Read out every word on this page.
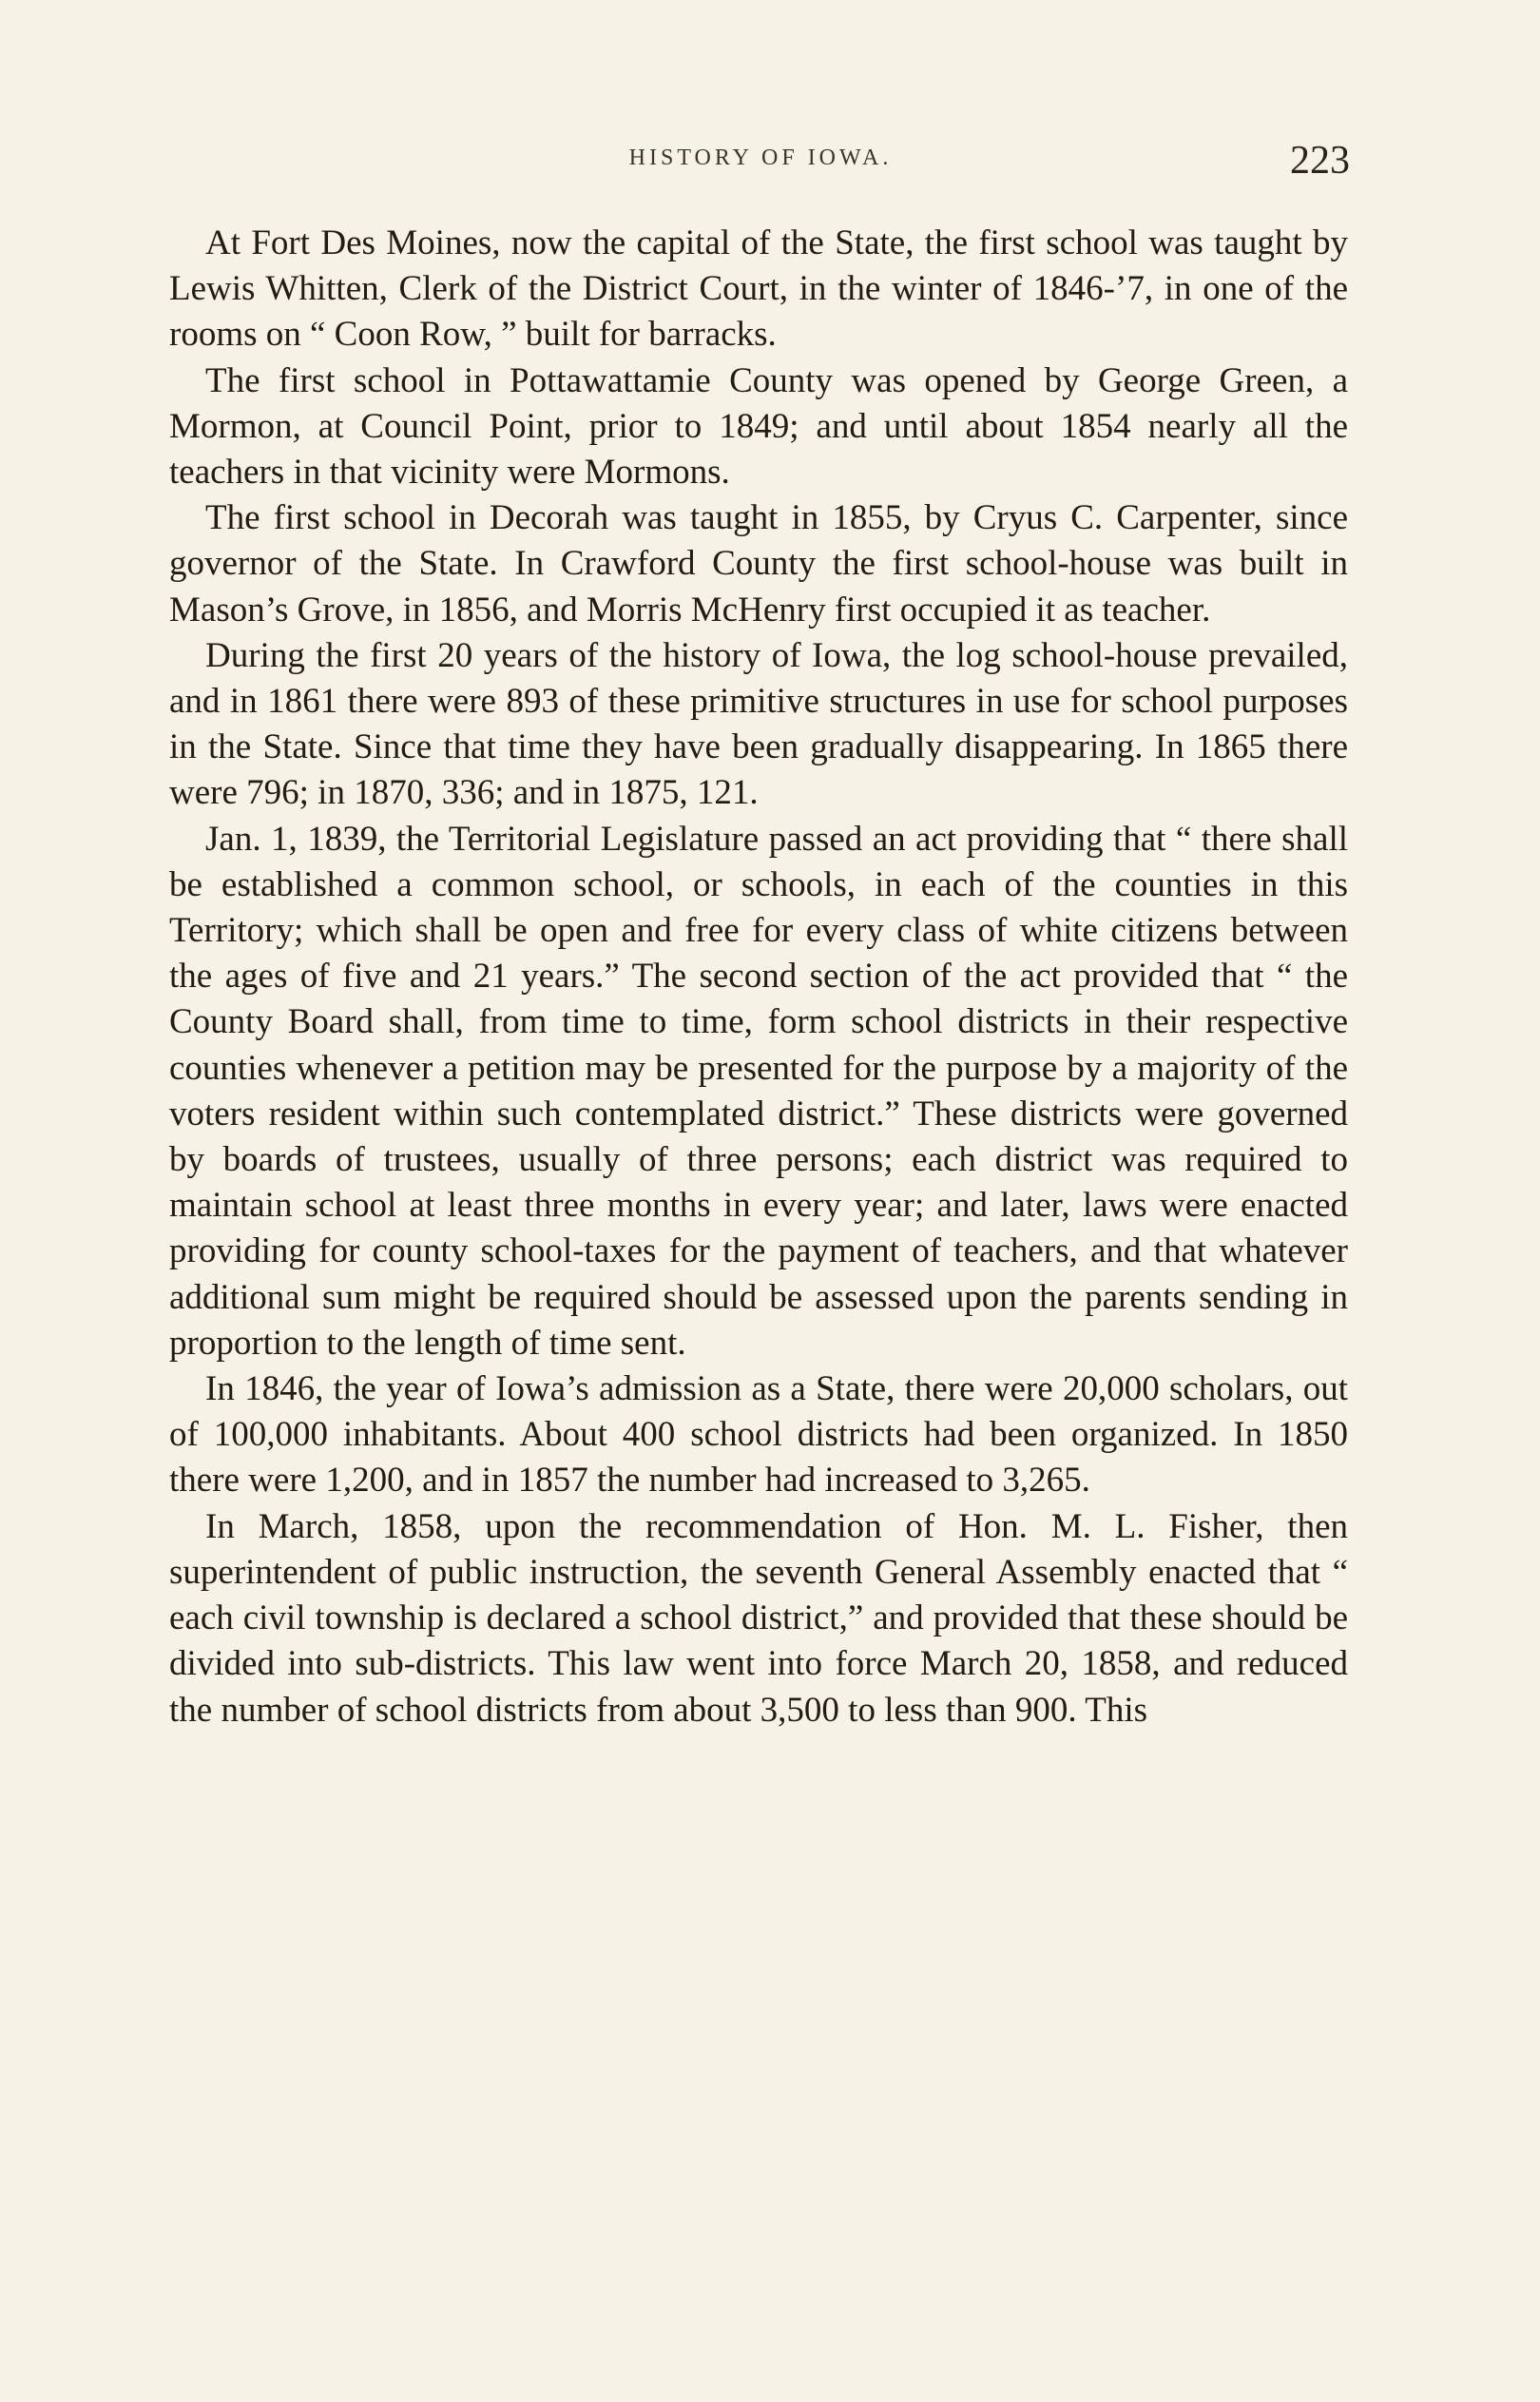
HISTORY OF IOWA.	223

At Fort Des Moines, now the capital of the State, the first school was taught by Lewis Whitten, Clerk of the District Court, in the winter of 1846-’7, in one of the rooms on “ Coon Row, ” built for barracks.

The first school in Pottawattamie County was opened by George Green, a Mormon, at Council Point, prior to 1849; and until about 1854 nearly all the teachers in that vicinity were Mormons.

The first school in Decorah was taught in 1855, by Cryus C. Carpenter, since governor of the State. In Crawford County the first school-house was built in Mason’s Grove, in 1856, and Morris McHenry first occupied it as teacher.

During the first 20 years of the history of Iowa, the log school-house prevailed, and in 1861 there were 893 of these primitive structures in use for school purposes in the State. Since that time they have been gradually disappearing. In 1865 there were 796; in 1870, 336; and in 1875, 121.

Jan. 1, 1839, the Territorial Legislature passed an act providing that “ there shall be established a common school, or schools, in each of the counties in this Territory; which shall be open and free for every class of white citizens between the ages of five and 21 years.” The second section of the act provided that “ the County Board shall, from time to time, form school districts in their respective counties whenever a petition may be presented for the purpose by a majority of the voters resident within such contemplated district.” These districts were governed by boards of trustees, usually of three persons; each district was required to maintain school at least three months in every year; and later, laws were enacted providing for county school-taxes for the payment of teachers, and that whatever additional sum might be required should be assessed upon the parents sending in proportion to the length of time sent.

In 1846, the year of Iowa’s admission as a State, there were 20,000 scholars, out of 100,000 inhabitants. About 400 school districts had been organized. In 1850 there were 1,200, and in 1857 the number had increased to 3,265.

In March, 1858, upon the recommendation of Hon. M. L. Fisher, then superintendent of public instruction, the seventh General Assembly enacted that “ each civil township is declared a school district,” and provided that these should be divided into sub-districts. This law went into force March 20, 1858, and reduced the number of school districts from about 3,500 to less than 900. This
